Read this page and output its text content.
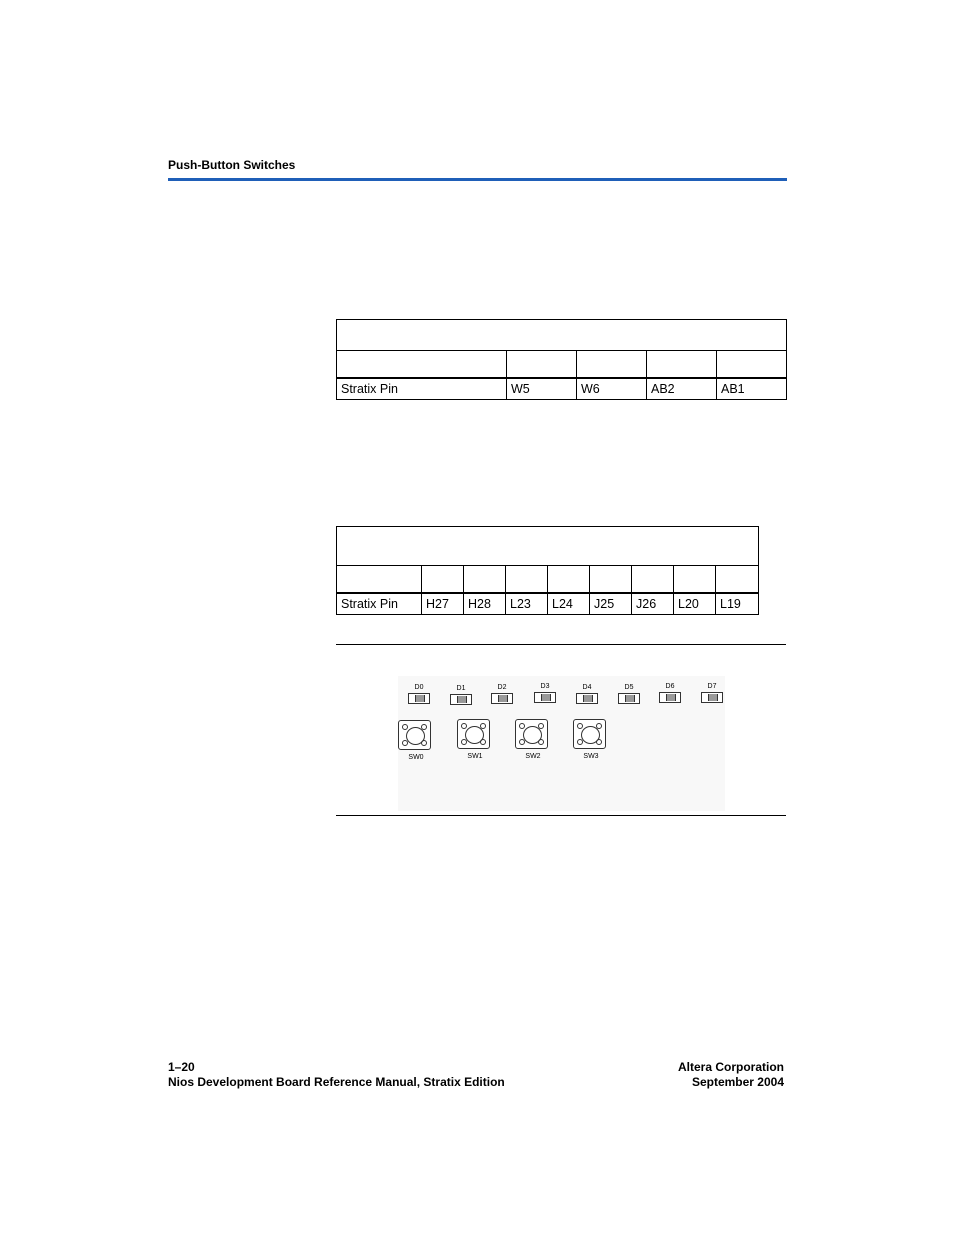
Push-Button Switches

Stratix Pin	W5	W6	AB2	AB1

Stratix Pin	H27	H28	L23	L24	J25	J26	L20	L19
D0	D1	D2	D3	D4	D5	D6	D7
SW0	SW1	SW2	SW3
1–20
Nios Development Board Reference Manual, Stratix Edition
Altera Corporation
September 2004
